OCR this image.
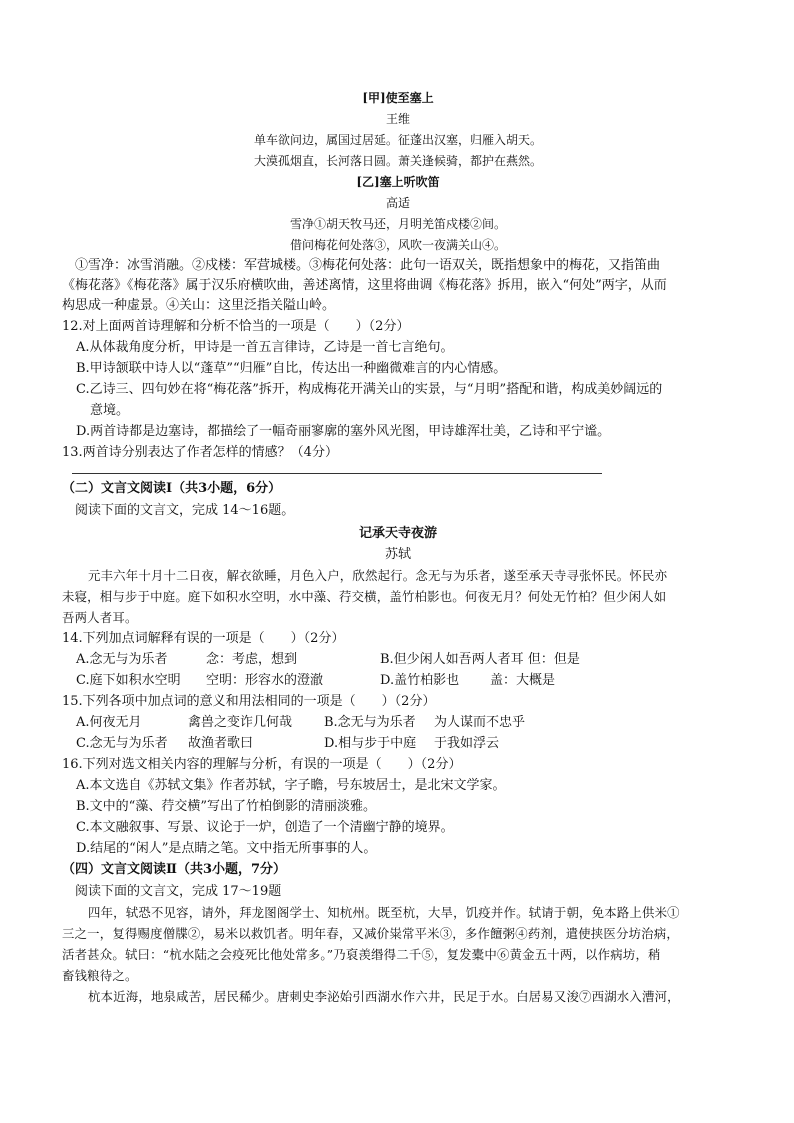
[甲]使至塞上
王维
单车欲问边，属国过居延。征蓬出汉塞，归雁入胡天。
大漠孤烟直，长河落日圆。萧关逢候骑，都护在燕然。
[乙]塞上听吹笛
高适
雪净①胡天牧马还，月明羌笛戍楼②间。
借问梅花何处落③，风吹一夜满关山④。
①雪净：冰雪消融。②戍楼：军营城楼。③梅花何处落：此句一语双关，既指想象中的梅花，又指笛曲
《梅花落》《梅花落》属于汉乐府横吹曲，善述离情，这里将曲调《梅花落》拆用，嵌入“何处”两字，从而
构思成一种虚景。④关山：这里泛指关隘山岭。
12.对上面两首诗理解和分析不恰当的一项是（　　）（2分）
A.从体裁角度分析，甲诗是一首五言律诗，乙诗是一首七言绝句。
B.甲诗颔联中诗人以“蓬草”“归雁”自比，传达出一种幽微难言的内心情感。
C.乙诗三、四句妙在将“梅花落”拆开，构成梅花开满关山的实景，与“月明”搭配和谐，构成美妙阔远的
意境。
D.两首诗都是边塞诗，都描绘了一幅奇丽寥廓的塞外风光图，甲诗雄浑壮美，乙诗和平宁谧。
13.两首诗分别表达了作者怎样的情感？（4分）
（二）文言文阅读Ⅰ（共3小题，6分）
阅读下面的文言文，完成 14～16题。
记承天寺夜游
苏轼
元丰六年十月十二日夜，解衣欲睡，月色入户，欣然起行。念无与为乐者，遂至承天寺寻张怀民。怀民亦
未寝，相与步于中庭。庭下如积水空明，水中藻、荇交横，盖竹柏影也。何夜无月？何处无竹柏？但少闲人如
吾两人者耳。
14.下列加点词解释有误的一项是（　　）（2分）
A.念无与为乐者	念：考虑，想到	B.但少闲人如吾两人者耳 但：但是
C.庭下如积水空明	空明：形容水的澄澈	D.盖竹柏影也	盖：大概是
15.下列各项中加点词的意义和用法相同的一项是（　　）（2分）
A.何夜无月	禽兽之变诈几何哉	B.念无与为乐者	为人谋而不忠乎
C.念无与为乐者	故渔者歌曰	D.相与步于中庭	于我如浮云
16.下列对选文相关内容的理解与分析，有误的一项是（　　）（2分）
A.本文选自《苏轼文集》作者苏轼，字子瞻，号东坡居士，是北宋文学家。
B.文中的“藻、荇交横”写出了竹柏倒影的清丽淡雅。
C.本文融叙事、写景、议论于一炉，创造了一个清幽宁静的境界。
D.结尾的“闲人”是点睛之笔。文中指无所事事的人。
（四）文言文阅读Ⅱ（共3小题，7分）
阅读下面的文言文，完成 17～19题
四年，轼恐不见容，请外，拜龙图阁学士、知杭州。既至杭，大旱，饥疫并作。轼请于朝，免本路上供米①
三之一，复得赐度僧牒②，易米以救饥者。明年春，又减价粜常平米③，多作饘粥④药剂，遣使挟医分坊治病，
活者甚众。轼曰：“杭水陆之会疫死比他处常多。”乃裒羡缗得二千⑤，复发橐中⑥黄金五十两，以作病坊，稍
畜钱粮待之。
杭本近海，地泉咸苦，居民稀少。唐刺史李泌始引西湖水作六井，民足于水。白居易又浚⑦西湖水入漕河，
